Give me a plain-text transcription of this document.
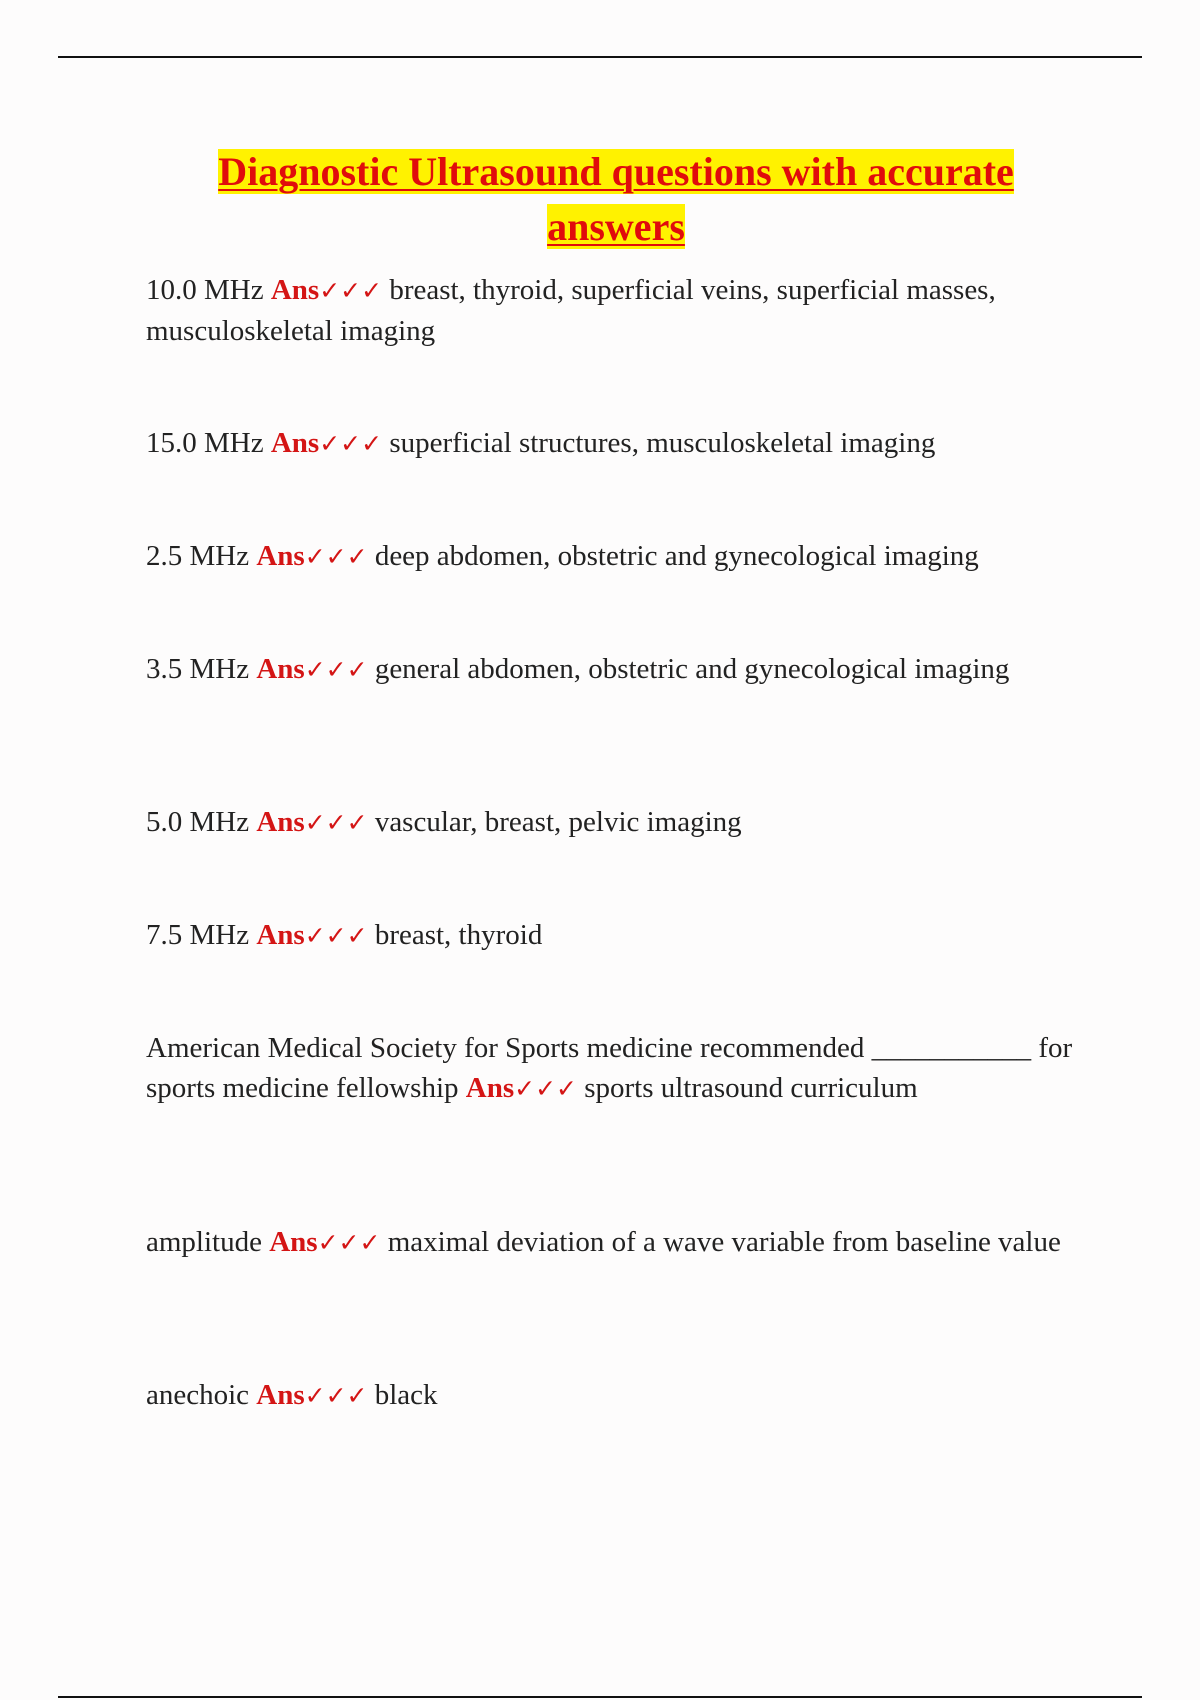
Diagnostic Ultrasound questions with accurate
answers
10.0 MHz Ans✓✓✓ breast, thyroid, superficial veins, superficial masses, musculoskeletal imaging
15.0 MHz Ans✓✓✓ superficial structures, musculoskeletal imaging
2.5 MHz Ans✓✓✓ deep abdomen, obstetric and gynecological imaging
3.5 MHz Ans✓✓✓ general abdomen, obstetric and gynecological imaging
5.0 MHz Ans✓✓✓ vascular, breast, pelvic imaging
7.5 MHz Ans✓✓✓ breast, thyroid
American Medical Society for Sports medicine recommended ___________ for sports medicine fellowship Ans✓✓✓ sports ultrasound curriculum
amplitude Ans✓✓✓ maximal deviation of a wave variable from baseline value
anechoic Ans✓✓✓ black
